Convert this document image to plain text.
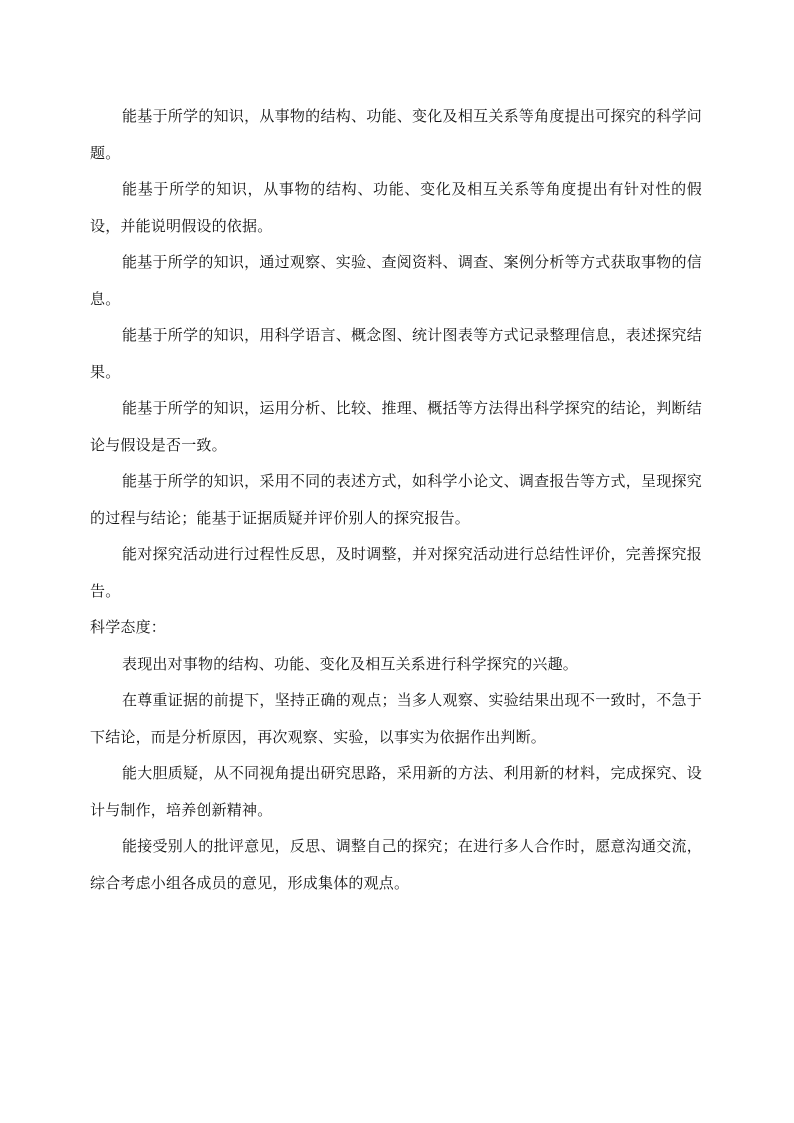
能基于所学的知识，从事物的结构、功能、变化及相互关系等角度提出可探究的科学问题。

能基于所学的知识，从事物的结构、功能、变化及相互关系等角度提出有针对性的假设，并能说明假设的依据。

能基于所学的知识，通过观察、实验、查阅资料、调查、案例分析等方式获取事物的信息。

能基于所学的知识，用科学语言、概念图、统计图表等方式记录整理信息，表述探究结果。

能基于所学的知识，运用分析、比较、推理、概括等方法得出科学探究的结论，判断结论与假设是否一致。

能基于所学的知识，采用不同的表述方式，如科学小论文、调查报告等方式，呈现探究的过程与结论；能基于证据质疑并评价别人的探究报告。

能对探究活动进行过程性反思，及时调整，并对探究活动进行总结性评价，完善探究报告。

科学态度：

表现出对事物的结构、功能、变化及相互关系进行科学探究的兴趣。

在尊重证据的前提下，坚持正确的观点；当多人观察、实验结果出现不一致时，不急于下结论，而是分析原因，再次观察、实验，以事实为依据作出判断。

能大胆质疑，从不同视角提出研究思路，采用新的方法、利用新的材料，完成探究、设计与制作，培养创新精神。

能接受别人的批评意见，反思、调整自己的探究；在进行多人合作时，愿意沟通交流，综合考虑小组各成员的意见，形成集体的观点。
